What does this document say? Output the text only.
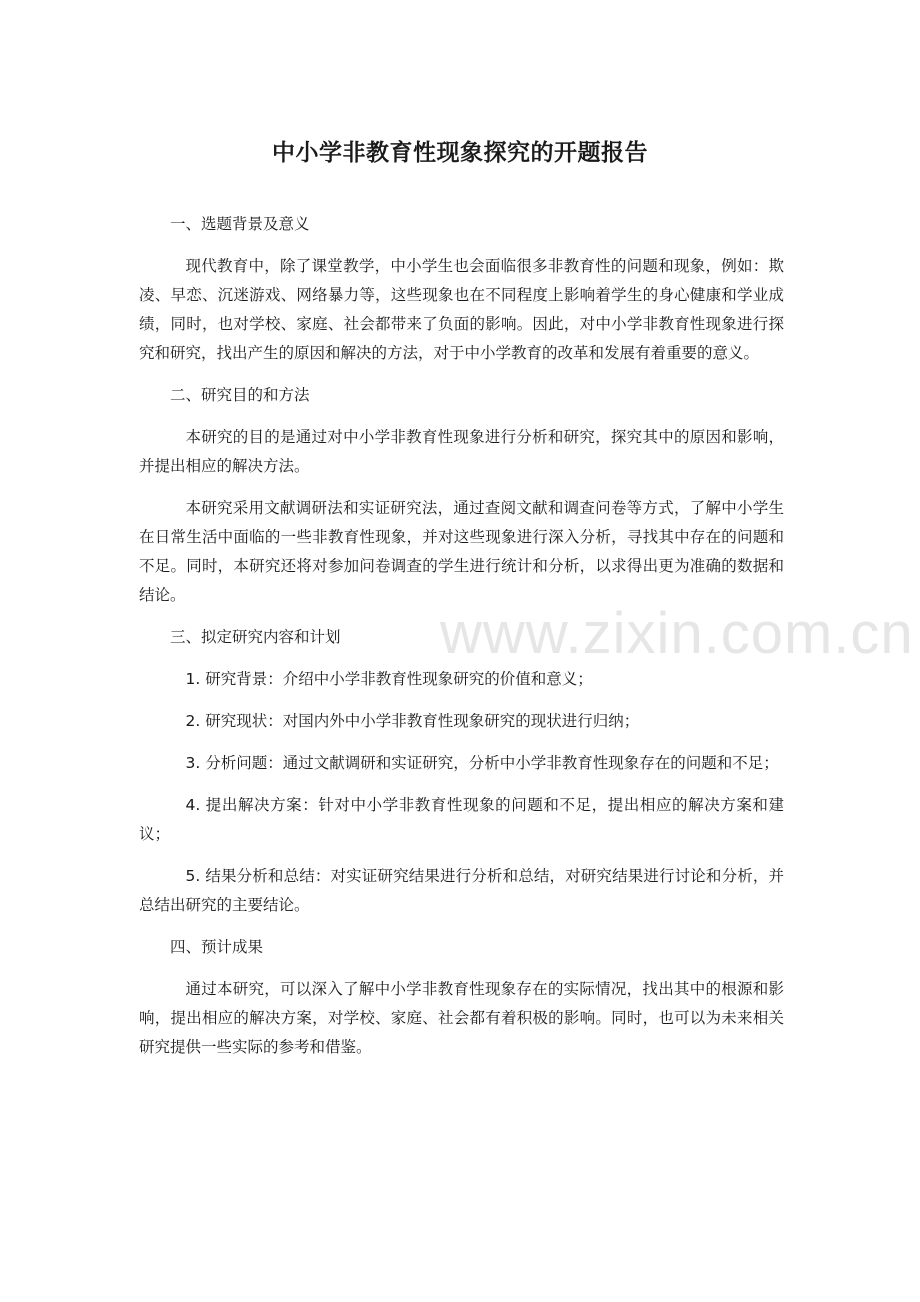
中小学非教育性现象探究的开题报告

一、选题背景及意义

现代教育中，除了课堂教学，中小学生也会面临很多非教育性的问题和现象，例如：欺凌、早恋、沉迷游戏、网络暴力等，这些现象也在不同程度上影响着学生的身心健康和学业成绩，同时，也对学校、家庭、社会都带来了负面的影响。因此，对中小学非教育性现象进行探究和研究，找出产生的原因和解决的方法，对于中小学教育的改革和发展有着重要的意义。

二、研究目的和方法

本研究的目的是通过对中小学非教育性现象进行分析和研究，探究其中的原因和影响，并提出相应的解决方法。

本研究采用文献调研法和实证研究法，通过查阅文献和调查问卷等方式，了解中小学生在日常生活中面临的一些非教育性现象，并对这些现象进行深入分析，寻找其中存在的问题和不足。同时，本研究还将对参加问卷调查的学生进行统计和分析，以求得出更为准确的数据和结论。

三、拟定研究内容和计划

1. 研究背景：介绍中小学非教育性现象研究的价值和意义；

2. 研究现状：对国内外中小学非教育性现象研究的现状进行归纳；

3. 分析问题：通过文献调研和实证研究，分析中小学非教育性现象存在的问题和不足；

4. 提出解决方案：针对中小学非教育性现象的问题和不足，提出相应的解决方案和建议；

5. 结果分析和总结：对实证研究结果进行分析和总结，对研究结果进行讨论和分析，并总结出研究的主要结论。

四、预计成果

通过本研究，可以深入了解中小学非教育性现象存在的实际情况，找出其中的根源和影响，提出相应的解决方案，对学校、家庭、社会都有着积极的影响。同时，也可以为未来相关研究提供一些实际的参考和借鉴。

www.zixin.com.cn
